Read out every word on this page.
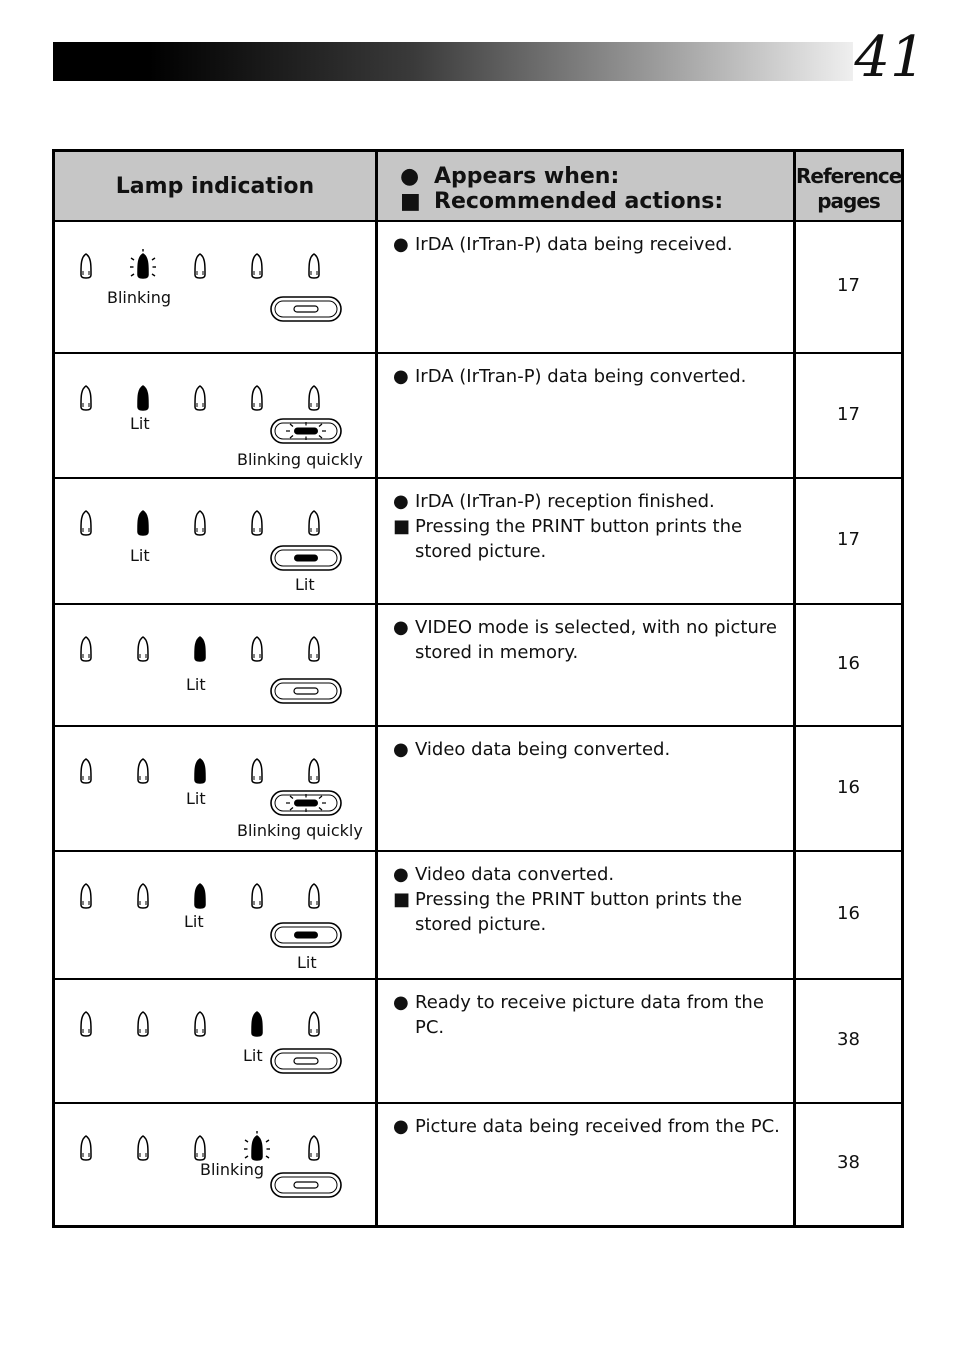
41
Lamp indication	● Appears when:
■ Recommended actions:
Reference
pages
Blinking
● IrDA (IrTran-P) data being received.
17
Lit
Blinking quickly
● IrDA (IrTran-P) data being converted.
17
Lit
Lit
● IrDA (IrTran-P) reception finished.
■ Pressing the PRINT button prints the stored picture.
17
Lit
● VIDEO mode is selected, with no picture stored in memory.
16
Lit
Blinking quickly
● Video data being converted.
16
Lit
Lit
● Video data converted.
■ Pressing the PRINT button prints the stored picture.
16
Lit
● Ready to receive picture data from the PC.
38
Blinking
● Picture data being received from the PC.
38
